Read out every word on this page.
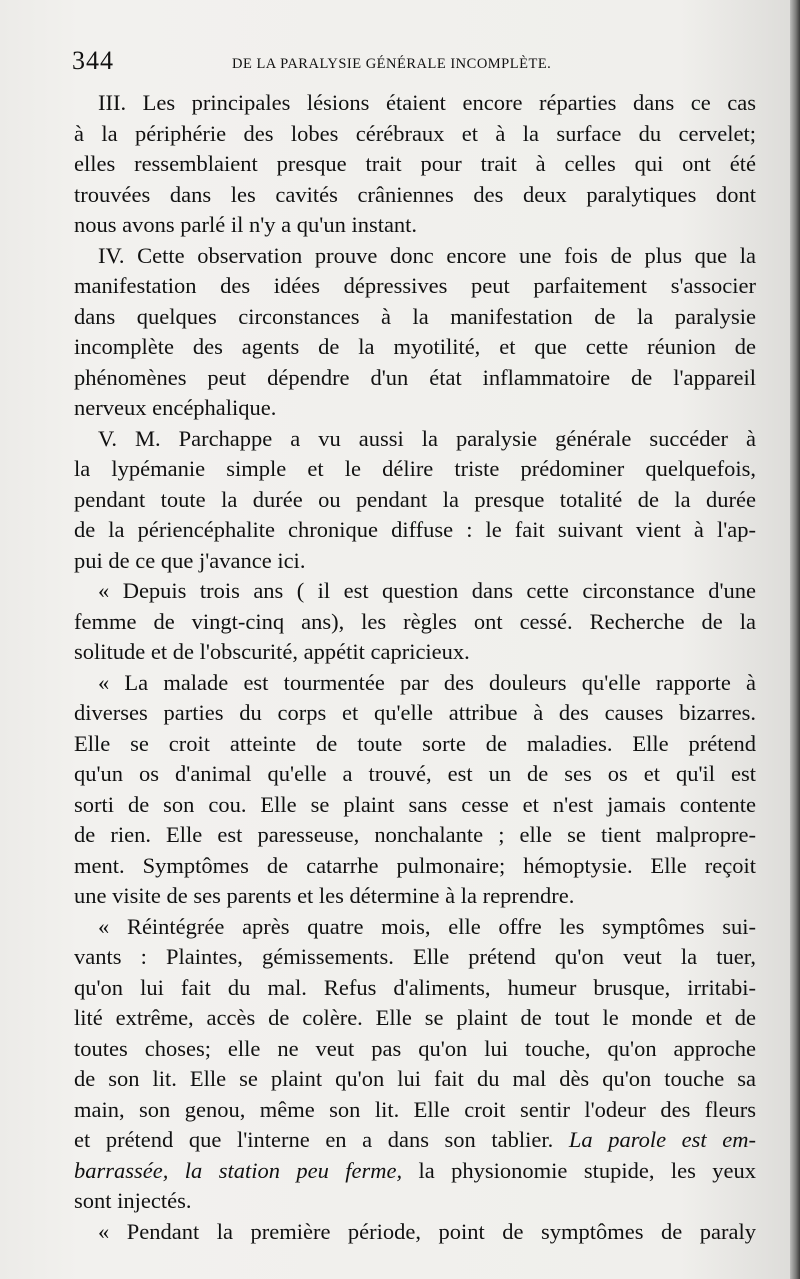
344	DE LA PARALYSIE GÉNÉRALE INCOMPLÈTE.
III. Les principales lésions étaient encore réparties dans ce cas
à la périphérie des lobes cérébraux et à la surface du cervelet;
elles ressemblaient presque trait pour trait à celles qui ont été
trouvées dans les cavités crâniennes des deux paralytiques dont
nous avons parlé il n'y a qu'un instant.
IV. Cette observation prouve donc encore une fois de plus que la
manifestation des idées dépressives peut parfaitement s'associer
dans quelques circonstances à la manifestation de la paralysie
incomplète des agents de la myotilité, et que cette réunion de
phénomènes peut dépendre d'un état inflammatoire de l'appareil
nerveux encéphalique.
V. M. Parchappe a vu aussi la paralysie générale succéder à
la lypémanie simple et le délire triste prédominer quelquefois,
pendant toute la durée ou pendant la presque totalité de la durée
de la périencéphalite chronique diffuse : le fait suivant vient à l'ap-
pui de ce que j'avance ici.
« Depuis trois ans ( il est question dans cette circonstance d'une
femme de vingt-cinq ans), les règles ont cessé. Recherche de la
solitude et de l'obscurité, appétit capricieux.
« La malade est tourmentée par des douleurs qu'elle rapporte à
diverses parties du corps et qu'elle attribue à des causes bizarres.
Elle se croit atteinte de toute sorte de maladies. Elle prétend
qu'un os d'animal qu'elle a trouvé, est un de ses os et qu'il est
sorti de son cou. Elle se plaint sans cesse et n'est jamais contente
de rien. Elle est paresseuse, nonchalante ; elle se tient malpropre-
ment. Symptômes de catarrhe pulmonaire; hémoptysie. Elle reçoit
une visite de ses parents et les détermine à la reprendre.
« Réintégrée après quatre mois, elle offre les symptômes sui-
vants : Plaintes, gémissements. Elle prétend qu'on veut la tuer,
qu'on lui fait du mal. Refus d'aliments, humeur brusque, irritabi-
lité extrême, accès de colère. Elle se plaint de tout le monde et de
toutes choses; elle ne veut pas qu'on lui touche, qu'on approche
de son lit. Elle se plaint qu'on lui fait du mal dès qu'on touche sa
main, son genou, même son lit. Elle croit sentir l'odeur des fleurs
et prétend que l'interne en a dans son tablier. La parole est em-
barrassée, la station peu ferme, la physionomie stupide, les yeux
sont injectés.
« Pendant la première période, point de symptômes de paraly
